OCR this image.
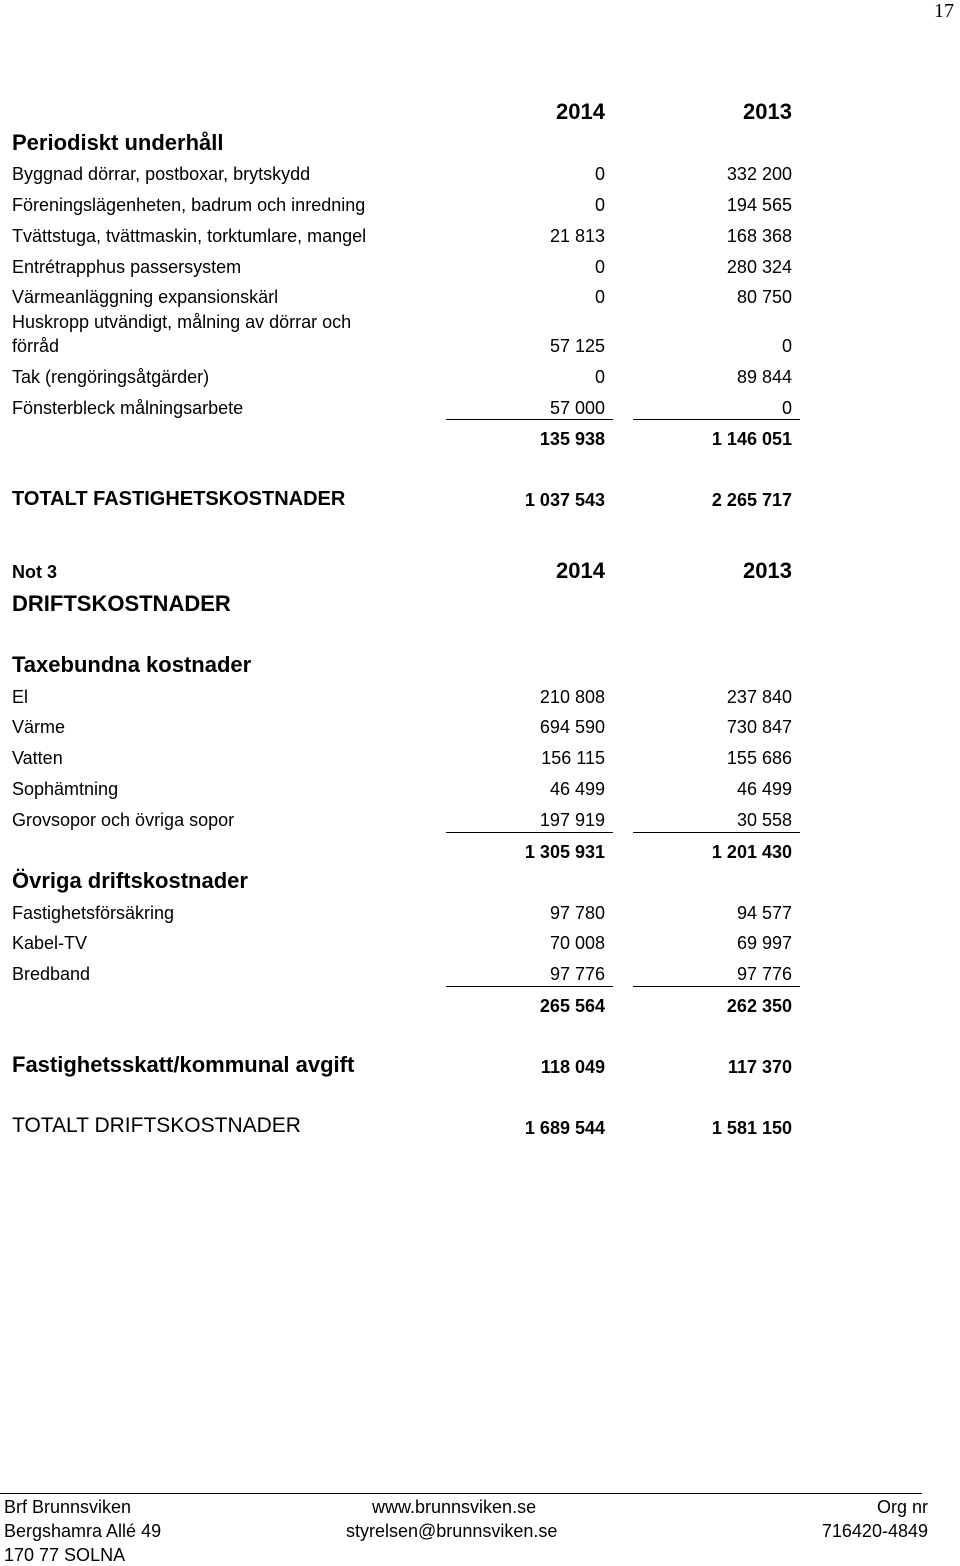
17
2014	2013
Periodiskt underhåll
Byggnad dörrar, postboxar, brytskydd	0	332 200
Föreningslägenheten, badrum och inredning	0	194 565
Tvättstuga, tvättmaskin, torktumlare, mangel	21 813	168 368
Entrétrapphus passersystem	0	280 324
Värmeanläggning expansionskärl	0	80 750
Huskropp utvändigt, målning av dörrar och
förråd	57 125	0
Tak (rengöringsåtgärder)	0	89 844
Fönsterbleck målningsarbete	57 000	0
135 938	1 146 051
TOTALT FASTIGHETSKOSTNADER	1 037 543	2 265 717
Not 3	2014	2013
DRIFTSKOSTNADER
Taxebundna kostnader
El	210 808	237 840
Värme	694 590	730 847
Vatten	156 115	155 686
Sophämtning	46 499	46 499
Grovsopor och övriga sopor	197 919	30 558
1 305 931	1 201 430
Övriga driftskostnader
Fastighetsförsäkring	97 780	94 577
Kabel-TV	70 008	69 997
Bredband	97 776	97 776
265 564	262 350
Fastighetsskatt/kommunal avgift	118 049	117 370
TOTALT DRIFTSKOSTNADER	1 689 544	1 581 150
Brf Brunnsviken
Bergshamra Allé 49
170 77 SOLNA
www.brunnsviken.se
styrelsen@brunnsviken.se
Org nr
716420-4849
